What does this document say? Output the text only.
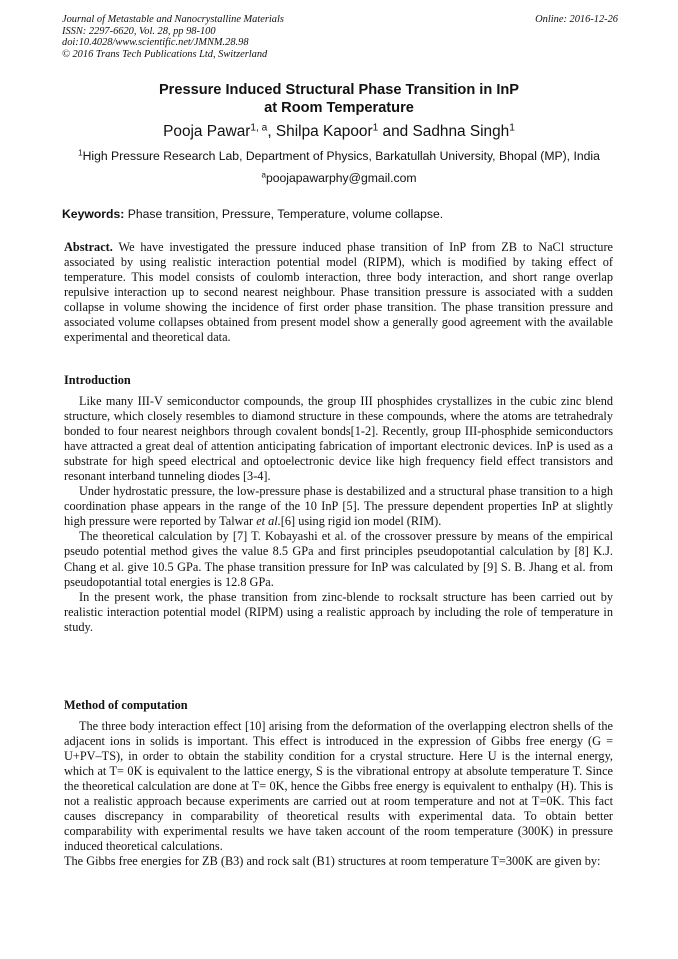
Journal of Metastable and Nanocrystalline Materials
ISSN: 2297-6620, Vol. 28, pp 98-100
doi:10.4028/www.scientific.net/JMNM.28.98
© 2016 Trans Tech Publications Ltd, Switzerland
Online: 2016-12-26
Pressure Induced Structural Phase Transition in InP
at Room Temperature
Pooja Pawar$^{1, a}$, Shilpa Kapoor$^1$ and Sadhna Singh$^1$
$^1$High Pressure Research Lab, Department of Physics, Barkatullah University, Bhopal (MP), India
$^a$poojapawarphy@gmail.com
Keywords: Phase transition, Pressure, Temperature, volume collapse.

Abstract. We have investigated the pressure induced phase transition of InP from ZB to NaCl structure associated by using realistic interaction potential model (RIPM), which is modified by taking effect of temperature. This model consists of coulomb interaction, three body interaction, and short range overlap repulsive interaction up to second nearest neighbour. Phase transition pressure is associated with a sudden collapse in volume showing the incidence of first order phase transition. The phase transition pressure and associated volume collapses obtained from present model show a generally good agreement with the available experimental and theoretical data.

Introduction

Like many III-V semiconductor compounds, the group III phosphides crystallizes in the cubic zinc blend structure, which closely resembles to diamond structure in these compounds, where the atoms are tetrahedraly bonded to four nearest neighbors through covalent bonds[1-2]. Recently, group III-phosphide semiconductors have attracted a great deal of attention anticipating fabrication of important electronic devices. InP is used as a substrate for high speed electrical and optoelectronic device like high frequency field effect transistors and resonant interband tunneling diodes [3-4].

Under hydrostatic pressure, the low-pressure phase is destabilized and a structural phase transition to a high coordination phase appears in the range of the 10 InP [5]. The pressure dependent properties InP at slightly high pressure were reported by Talwar et al.[6] using rigid ion model (RIM).

The theoretical calculation by [7] T. Kobayashi et al. of the crossover pressure by means of the empirical pseudo potential method gives the value 8.5 GPa and first principles pseudopotantial calculation by [8] K.J. Chang et al. give 10.5 GPa. The phase transition pressure for InP was calculated by [9] S. B. Jhang et al. from pseudopotantial total energies is 12.8 GPa.

In the present work, the phase transition from zinc-blende to rocksalt structure has been carried out by realistic interaction potential model (RIPM) using a realistic approach by including the role of temperature in study.

Method of computation

The three body interaction effect [10] arising from the deformation of the overlapping electron shells of the adjacent ions in solids is important. This effect is introduced in the expression of Gibbs free energy (G = U+PV–TS), in order to obtain the stability condition for a crystal structure. Here U is the internal energy, which at T= 0K is equivalent to the lattice energy, S is the vibrational entropy at absolute temperature T. Since the theoretical calculation are done at T= 0K, hence the Gibbs free energy is equivalent to enthalpy (H). This is not a realistic approach because experiments are carried out at room temperature and not at T=0K. This fact causes discrepancy in comparability of theoretical results with experimental data. To obtain better comparability with experimental results we have taken account of the room temperature (300K) in pressure induced theoretical calculations.

The Gibbs free energies for ZB (B3) and rock salt (B1) structures at room temperature T=300K are given by:
